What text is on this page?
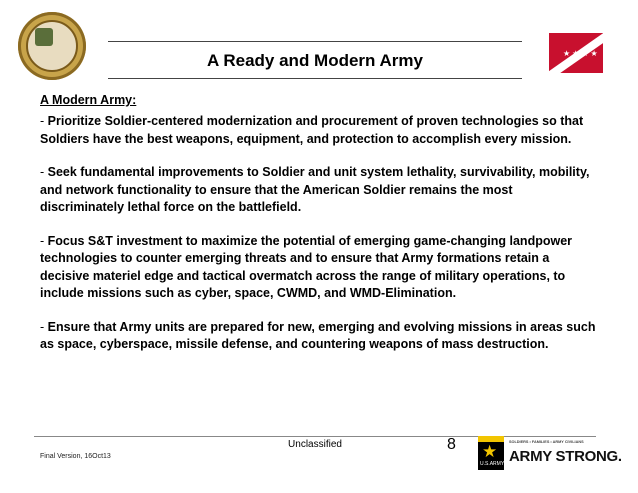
★★★★
A Ready and Modern Army
A Modern Army:

- Prioritize Soldier-centered modernization and procurement of proven technologies so that Soldiers have the best weapons, equipment, and protection to accomplish every mission.

- Seek fundamental improvements to Soldier and unit system lethality, survivability, mobility, and network functionality to ensure that the American Soldier remains the most discriminately lethal force on the battlefield.

- Focus S&T investment to maximize the potential of emerging game-changing landpower technologies to counter emerging threats and to ensure that Army formations retain a decisive materiel edge and tactical overmatch across the range of military operations, to include missions such as cyber, space, CWMD, and WMD-Elimination.

- Ensure that Army units are prepared for new, emerging and evolving missions in areas such as space, cyberspace, missile defense, and countering weapons of mass destruction.

Unclassified	8
Final Version, 16Oct13	★
U.S.ARMY
SOLDIERS • FAMILIES • ARMY CIVILIANS
ARMY STRONG.
